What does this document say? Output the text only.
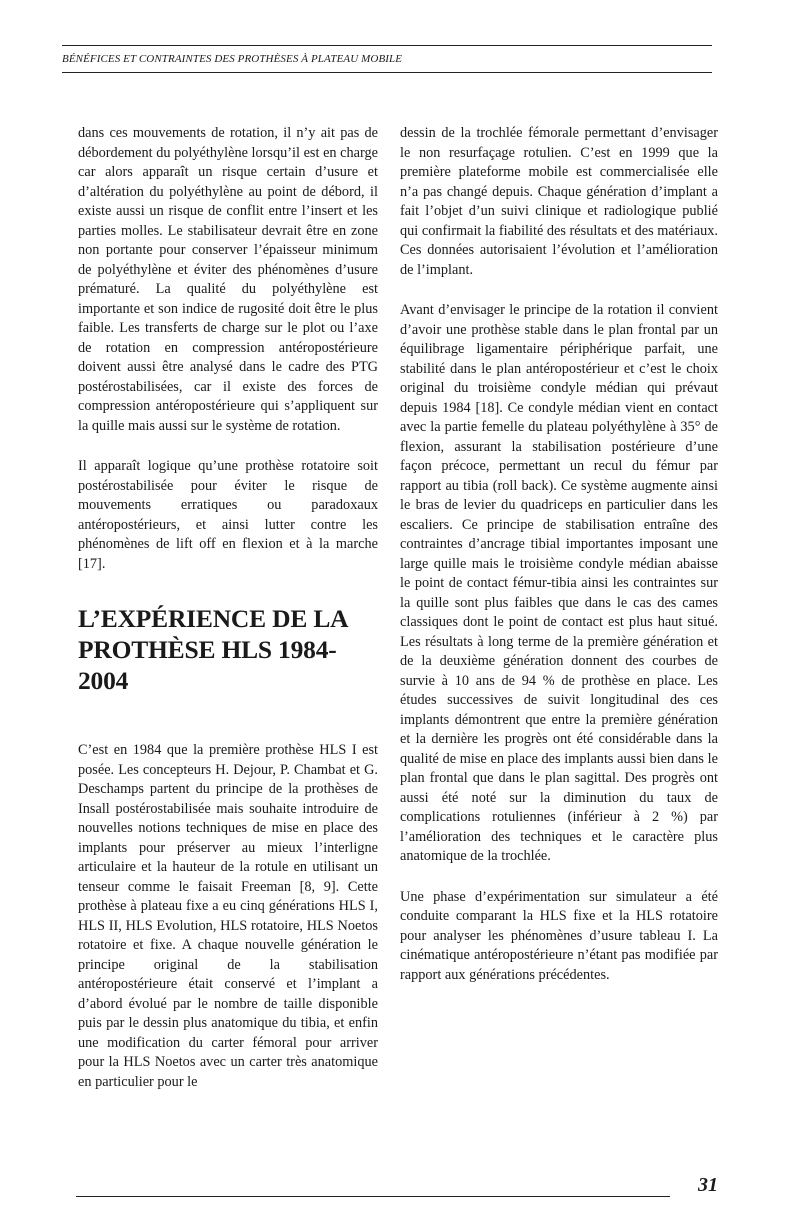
BÉNÉFICES ET CONTRAINTES DES PROTHÈSES À PLATEAU MOBILE

dans ces mouvements de rotation, il n’y ait pas de débordement du polyéthylène lorsqu’il est en charge car alors apparaît un risque certain d’usure et d’altération du polyéthylène au point de débord, il existe aussi un risque de conflit entre l’insert et les parties molles. Le stabilisateur devrait être en zone non portante pour conserver l’épaisseur minimum de polyéthylène et éviter des phénomènes d’usure prématuré. La qualité du polyéthylène est importante et son indice de rugosité doit être le plus faible. Les transferts de charge sur le plot ou l’axe de rotation en compression antéropostérieure doivent aussi être analysé dans le cadre des PTG postérostabilisées, car il existe des forces de compression antéropostérieure qui s’appliquent sur la quille mais aussi sur le système de rotation.

Il apparaît logique qu’une prothèse rotatoire soit postérostabilisée pour éviter le risque de mouvements erratiques ou paradoxaux antéropostérieurs, et ainsi lutter contre les phénomènes de lift off en flexion et à la marche [17].

L’EXPÉRIENCE DE LA
PROTHÈSE HLS 1984-2004

C’est en 1984 que la première prothèse HLS I est posée. Les concepteurs H. Dejour, P. Chambat et G. Deschamps partent du principe de la prothèses de Insall postérostabilisée mais souhaite introduire de nouvelles notions techniques de mise en place des implants pour préserver au mieux l’interligne articulaire et la hauteur de la rotule en utilisant un tenseur comme le faisait Freeman [8, 9]. Cette prothèse à plateau fixe a eu cinq générations HLS I, HLS II, HLS Evolution, HLS rotatoire, HLS Noetos rotatoire et fixe. A chaque nouvelle génération le principe original de la stabilisation antéropostérieure était conservé et l’implant a d’abord évolué par le nombre de taille disponible puis par le dessin plus anatomique du tibia, et enfin une modification du carter fémoral pour arriver pour la HLS Noetos avec un carter très anatomique en particulier pour le

dessin de la trochlée fémorale permettant d’envisager le non resurfaçage rotulien. C’est en 1999 que la première plateforme mobile est commercialisée elle n’a pas changé depuis. Chaque génération d’implant a fait l’objet d’un suivi clinique et radiologique publié qui confirmait la fiabilité des résultats et des matériaux. Ces données autorisaient l’évolution et l’amélioration de l’implant.

Avant d’envisager le principe de la rotation il convient d’avoir une prothèse stable dans le plan frontal par un équilibrage ligamentaire périphérique parfait, une stabilité dans le plan antéropostérieur et c’est le choix original du troisième condyle médian qui prévaut depuis 1984 [18]. Ce condyle médian vient en contact avec la partie femelle du plateau polyéthylène à 35° de flexion, assurant la stabilisation postérieure d’une façon précoce, permettant un recul du fémur par rapport au tibia (roll back). Ce système augmente ainsi le bras de levier du quadriceps en particulier dans les escaliers. Ce principe de stabilisation entraîne des contraintes d’ancrage tibial importantes imposant une large quille mais le troisième condyle médian abaisse le point de contact fémur-tibia ainsi les contraintes sur la quille sont plus faibles que dans le cas des cames classiques dont le point de contact est plus haut situé. Les résultats à long terme de la première génération et de la deuxième génération donnent des courbes de survie à 10 ans de 94 % de prothèse en place. Les études successives de suivit longitudinal des ces implants démontrent que entre la première génération et la dernière les progrès ont été considérable dans la qualité de mise en place des implants aussi bien dans le plan frontal que dans le plan sagittal. Des progrès ont aussi été noté sur la diminution du taux de complications rotuliennes (inférieur à 2 %) par l’amélioration des techniques et le caractère plus anatomique de la trochlée.

Une phase d’expérimentation sur simulateur a été conduite comparant la HLS fixe et la HLS rotatoire pour analyser les phénomènes d’usure tableau I. La cinématique antéropostérieure n’étant pas modifiée par rapport aux générations précédentes.

31
